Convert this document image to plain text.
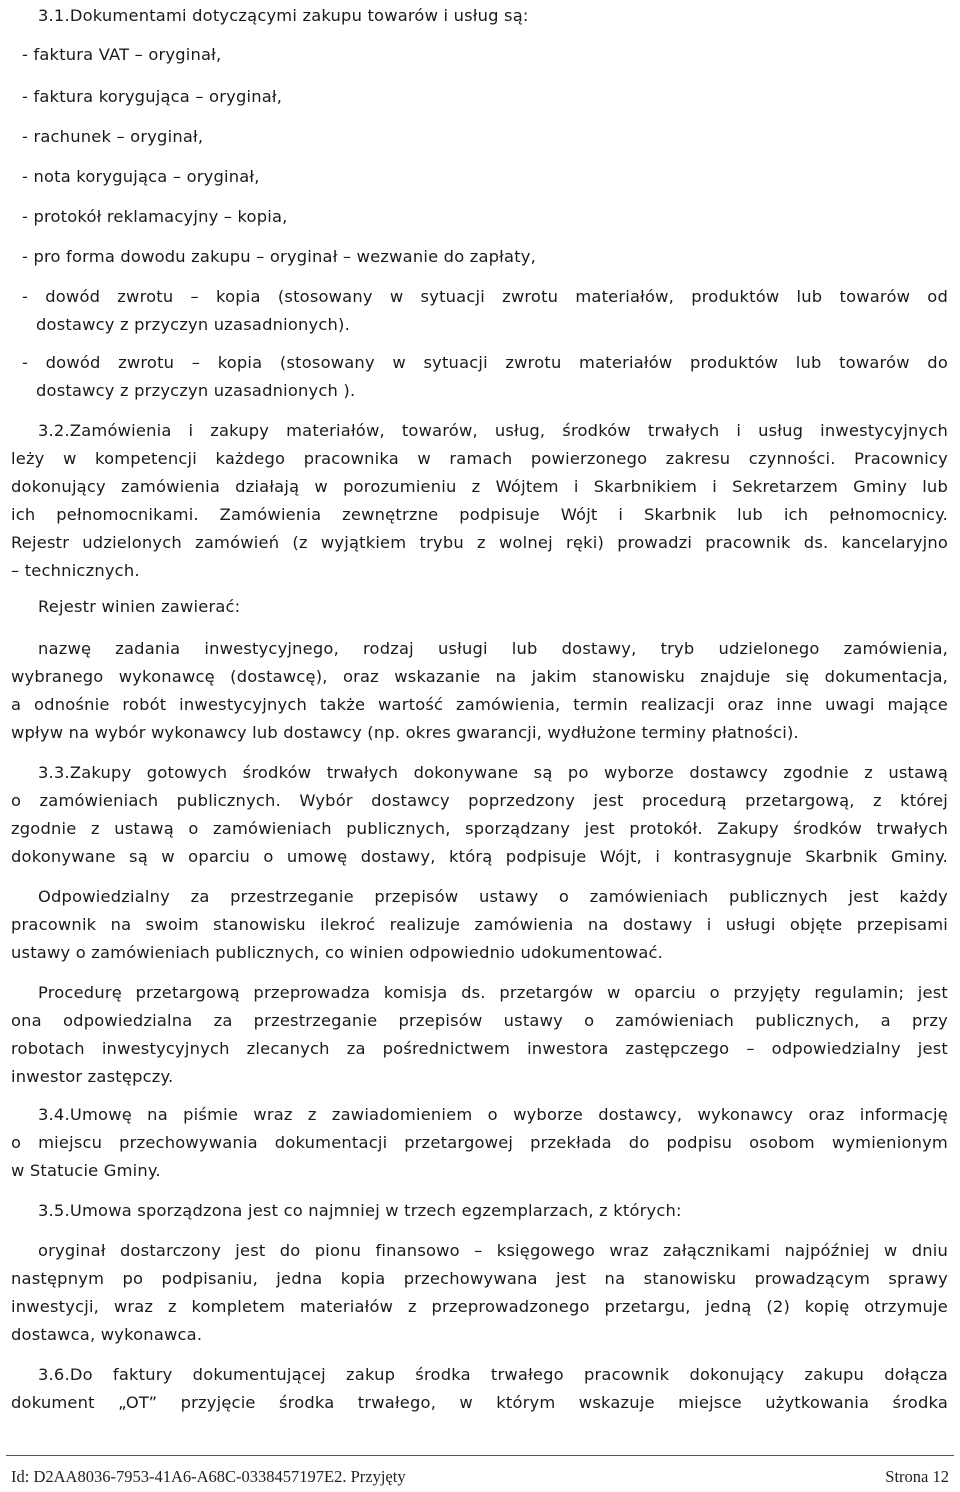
3.1.Dokumentami dotyczącymi zakupu towarów i usług są:
- faktura VAT – oryginał,
- faktura korygująca – oryginał,
- rachunek – oryginał,
- nota korygująca – oryginał,
- protokół reklamacyjny – kopia,
- pro forma dowodu zakupu – oryginał – wezwanie do zapłaty,
- dowód zwrotu – kopia (stosowany w sytuacji zwrotu materiałów, produktów lub towarów od
dostawcy z przyczyn uzasadnionych).
- dowód zwrotu – kopia (stosowany w sytuacji zwrotu materiałów produktów lub towarów do
dostawcy z przyczyn uzasadnionych ).
3.2.Zamówienia i zakupy materiałów, towarów, usług, środków trwałych i usług inwestycyjnych
leży w kompetencji każdego pracownika w ramach powierzonego zakresu czynności. Pracownicy
dokonujący zamówienia działają w porozumieniu z Wójtem i Skarbnikiem i Sekretarzem Gminy lub
ich pełnomocnikami. Zamówienia zewnętrzne podpisuje Wójt i Skarbnik lub ich pełnomocnicy.
Rejestr udzielonych zamówień (z wyjątkiem trybu z wolnej ręki) prowadzi pracownik ds. kancelaryjno
– technicznych.
Rejestr winien zawierać:
nazwę zadania inwestycyjnego, rodzaj usługi lub dostawy, tryb udzielonego zamówienia,
wybranego wykonawcę (dostawcę), oraz wskazanie na jakim stanowisku znajduje się dokumentacja,
a odnośnie robót inwestycyjnych także wartość zamówienia, termin realizacji oraz inne uwagi mające
wpływ na wybór wykonawcy lub dostawcy (np. okres gwarancji, wydłużone terminy płatności).
3.3.Zakupy gotowych środków trwałych dokonywane są po wyborze dostawcy zgodnie z ustawą
o zamówieniach publicznych. Wybór dostawcy poprzedzony jest procedurą przetargową, z której
zgodnie z ustawą o zamówieniach publicznych, sporządzany jest protokół. Zakupy środków trwałych
dokonywane są w oparciu o umowę dostawy, którą podpisuje Wójt, i kontrasygnuje Skarbnik Gminy.
Odpowiedzialny za przestrzeganie przepisów ustawy o zamówieniach publicznych jest każdy
pracownik na swoim stanowisku ilekroć realizuje zamówienia na dostawy i usługi objęte przepisami
ustawy o zamówieniach publicznych, co winien odpowiednio udokumentować.
Procedurę przetargową przeprowadza komisja ds. przetargów w oparciu o przyjęty regulamin; jest
ona odpowiedzialna za przestrzeganie przepisów ustawy o zamówieniach publicznych, a przy
robotach inwestycyjnych zlecanych za pośrednictwem inwestora zastępczego – odpowiedzialny jest
inwestor zastępczy.
3.4.Umowę na piśmie wraz z zawiadomieniem o wyborze dostawcy, wykonawcy oraz informację
o miejscu przechowywania dokumentacji przetargowej przekłada do podpisu osobom wymienionym
w Statucie Gminy.
3.5.Umowa sporządzona jest co najmniej w trzech egzemplarzach, z których:
oryginał dostarczony jest do pionu finansowo – księgowego wraz załącznikami najpóźniej w dniu
następnym po podpisaniu, jedna kopia przechowywana jest na stanowisku prowadzącym sprawy
inwestycji, wraz z kompletem materiałów z przeprowadzonego przetargu, jedną (2) kopię otrzymuje
dostawca, wykonawca.
3.6.Do faktury dokumentującej zakup środka trwałego pracownik dokonujący zakupu dołącza
dokument „OT” przyjęcie środka trwałego, w którym wskazuje miejsce użytkowania środka
Id: D2AA8036-7953-41A6-A68C-0338457197E2. Przyjęty	Strona 12
